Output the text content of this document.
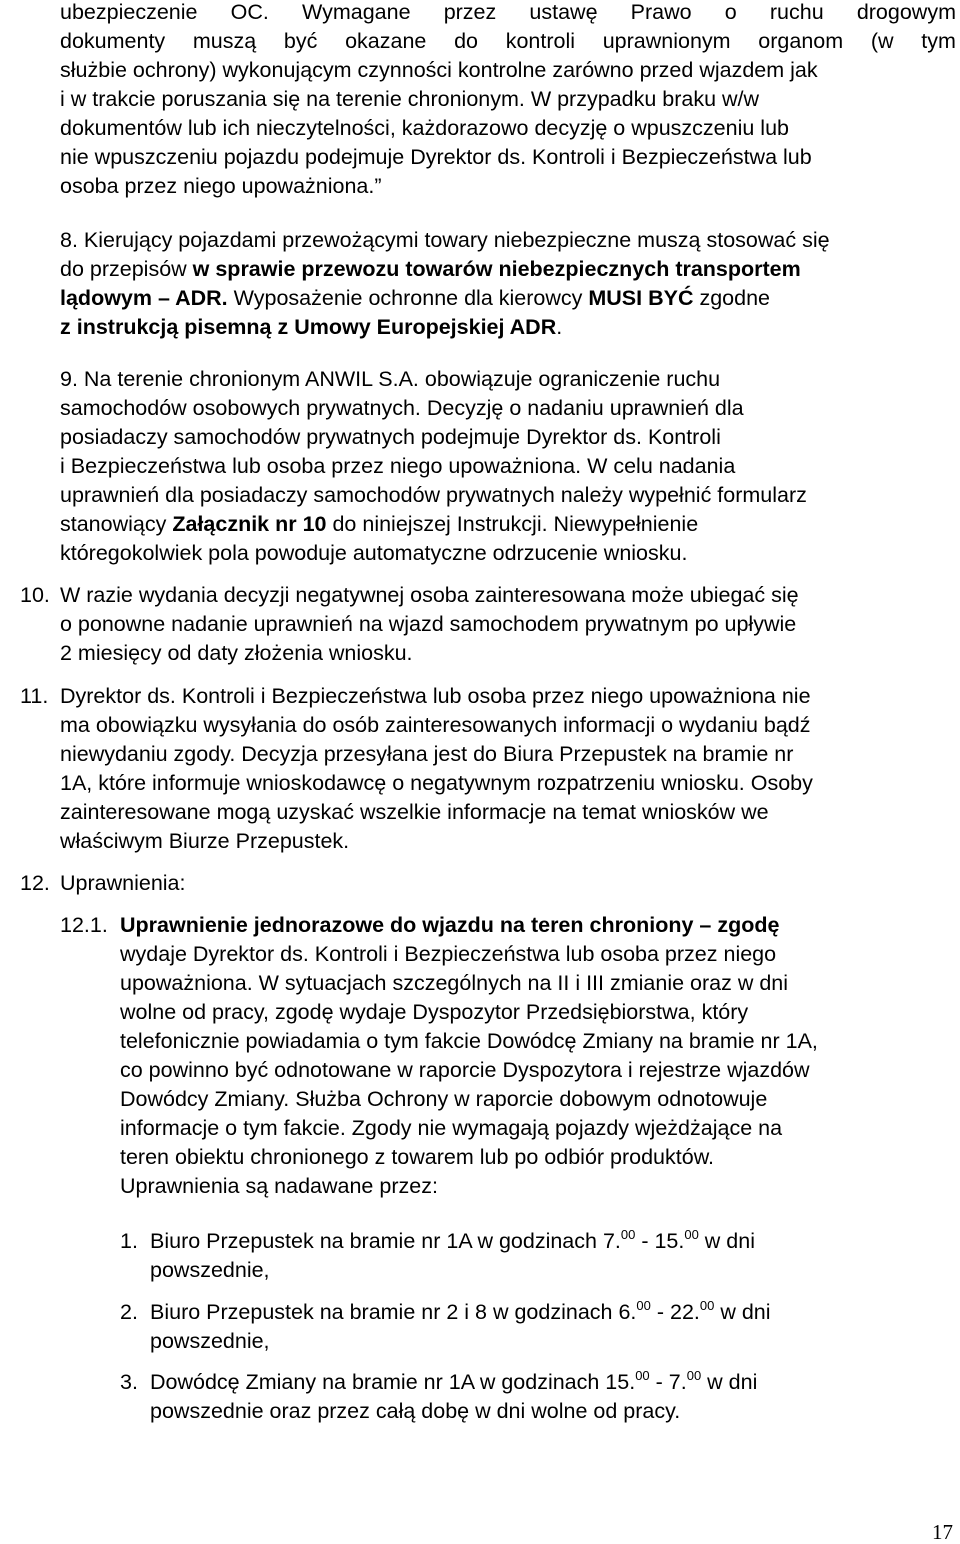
ubezpieczenie OC. Wymagane przez ustawę Prawo o ruchu drogowym
dokumenty muszą być okazane do kontroli uprawnionym organom (w tym
służbie ochrony) wykonującym czynności kontrolne zarówno przed wjazdem jak
i w trakcie poruszania się na terenie chronionym. W przypadku braku w/w
dokumentów lub ich nieczytelności, każdorazowo decyzję o wpuszczeniu lub
nie wpuszczeniu pojazdu podejmuje Dyrektor ds. Kontroli i Bezpieczeństwa lub
osoba przez niego upoważniona.”
8. Kierujący pojazdami przewożącymi towary niebezpieczne muszą stosować się
do przepisów w sprawie przewozu towarów niebezpiecznych transportem
lądowym – ADR. Wyposażenie ochronne dla kierowcy MUSI BYĆ zgodne
z instrukcją pisemną z Umowy Europejskiej ADR.
9. Na terenie chronionym ANWIL S.A. obowiązuje ograniczenie ruchu
samochodów osobowych prywatnych. Decyzję o nadaniu uprawnień dla
posiadaczy samochodów prywatnych podejmuje Dyrektor ds. Kontroli
i Bezpieczeństwa lub osoba przez niego upoważniona. W celu nadania
uprawnień dla posiadaczy samochodów prywatnych należy wypełnić formularz
stanowiący Załącznik nr 10 do niniejszej Instrukcji. Niewypełnienie
któregokolwiek pola powoduje automatyczne odrzucenie wniosku.
10. W razie wydania decyzji negatywnej osoba zainteresowana może ubiegać się
o ponowne nadanie uprawnień na wjazd samochodem prywatnym po upływie
2 miesięcy od daty złożenia wniosku.
11. Dyrektor ds. Kontroli i Bezpieczeństwa lub osoba przez niego upoważniona nie
ma obowiązku wysyłania do osób zainteresowanych informacji o wydaniu bądź
niewydaniu zgody. Decyzja przesyłana jest do Biura Przepustek na bramie nr
1A, które informuje wnioskodawcę o negatywnym rozpatrzeniu wniosku. Osoby
zainteresowane mogą uzyskać wszelkie informacje na temat wniosków we
właściwym Biurze Przepustek.
12. Uprawnienia:
12.1. Uprawnienie jednorazowe do wjazdu na teren chroniony – zgodę
wydaje Dyrektor ds. Kontroli i Bezpieczeństwa lub osoba przez niego
upoważniona. W sytuacjach szczególnych na II i III zmianie oraz w dni
wolne od pracy, zgodę wydaje Dyspozytor Przedsiębiorstwa, który
telefonicznie powiadamia o tym fakcie Dowódcę Zmiany na bramie nr 1A,
co powinno być odnotowane w raporcie Dyspozytora i rejestrze wjazdów
Dowódcy Zmiany. Służba Ochrony w raporcie dobowym odnotowuje
informacje o tym fakcie. Zgody nie wymagają pojazdy wjeżdżające na
teren obiektu chronionego z towarem lub po odbiór produktów.
Uprawnienia są nadawane przez:
1. Biuro Przepustek na bramie nr 1A w godzinach 7.00 - 15.00 w dni
powszednie,
2. Biuro Przepustek na bramie nr 2 i 8 w godzinach 6.00 - 22.00 w dni
powszednie,
3. Dowódcę Zmiany na bramie nr 1A w godzinach 15.00 - 7.00 w dni
powszednie oraz przez całą dobę w dni wolne od pracy.
17
